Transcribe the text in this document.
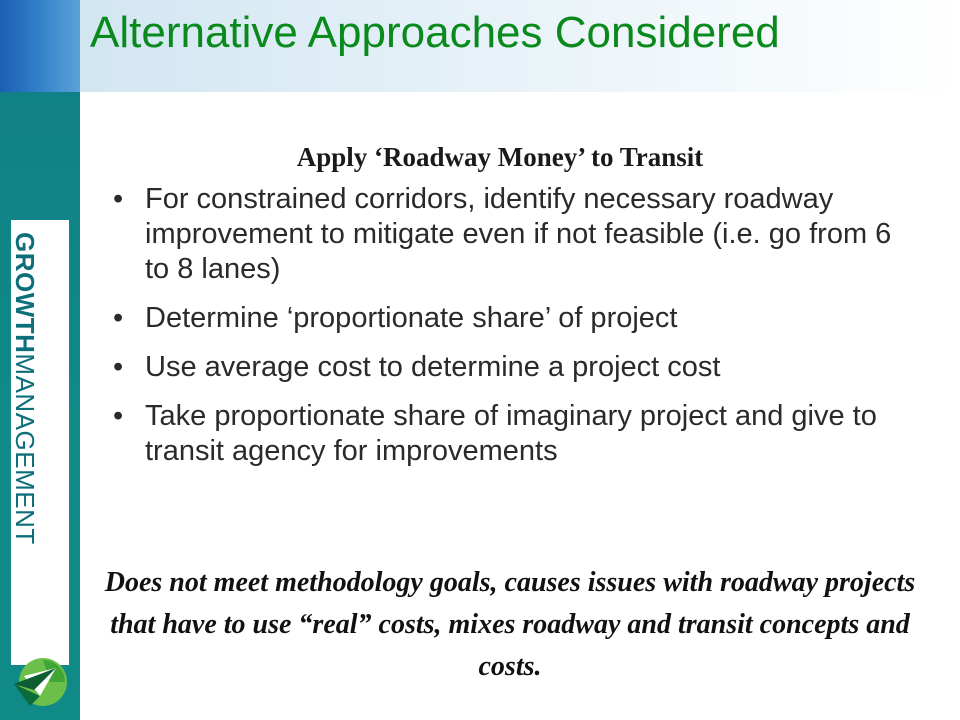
GROWTHMANAGEMENT
Alternative Approaches Considered
Apply ‘Roadway Money’ to Transit
• For constrained corridors, identify necessary roadway improvement to mitigate even if not feasible (i.e. go from 6 to 8 lanes)
• Determine ‘proportionate share’ of project
• Use average cost to determine a project cost
• Take proportionate share of imaginary project and give to transit agency for improvements
Does not meet methodology goals, causes issues with roadway projects that have to use “real” costs, mixes roadway and transit concepts and costs.
